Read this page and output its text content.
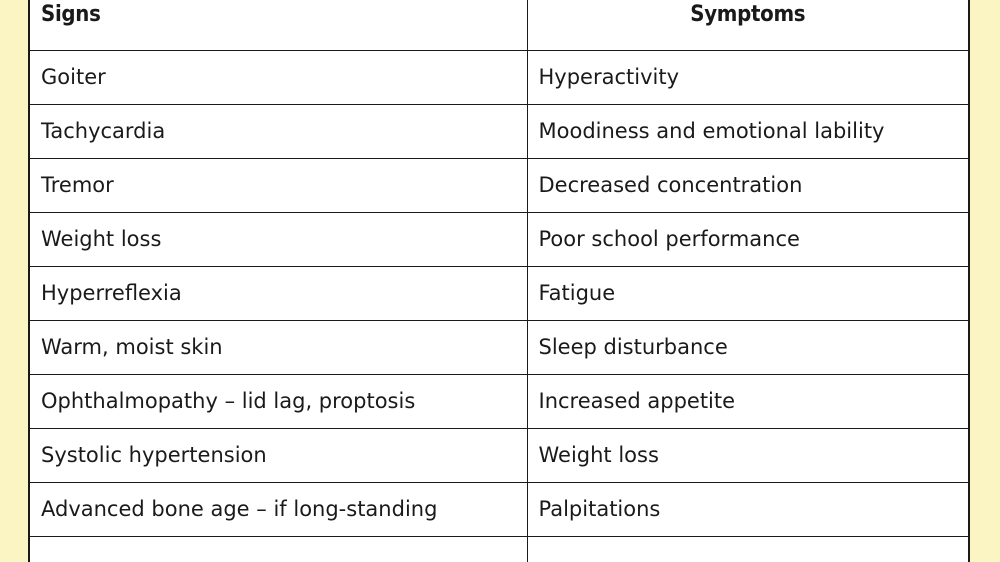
Signs	Symptoms
Goiter	Hyperactivity
Tachycardia	Moodiness and emotional lability
Tremor	Decreased concentration
Weight loss	Poor school performance
Hyperreflexia	Fatigue
Warm, moist skin	Sleep disturbance
Ophthalmopathy – lid lag, proptosis	Increased appetite
Systolic hypertension	Weight loss
Advanced bone age – if long-standing	Palpitations
